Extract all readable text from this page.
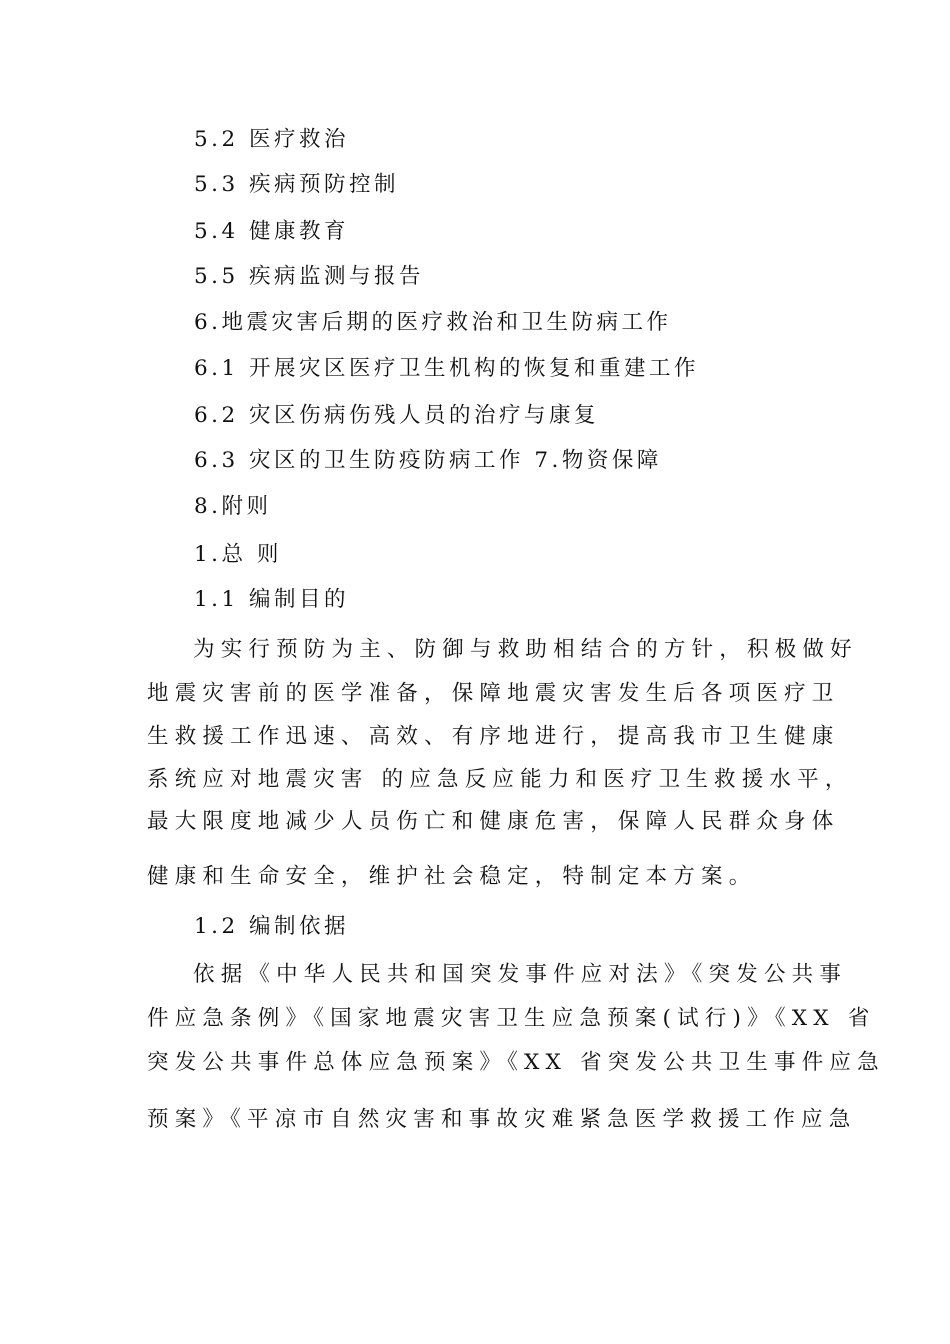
5.2 医疗救治
5.3 疾病预防控制
5.4 健康教育
5.5 疾病监测与报告
6.地震灾害后期的医疗救治和卫生防病工作
6.1 开展灾区医疗卫生机构的恢复和重建工作
6.2 灾区伤病伤残人员的治疗与康复
6.3 灾区的卫生防疫防病工作 7.物资保障
8.附则
1.总 则
1.1 编制目的
为实行预防为主、防御与救助相结合的方针，积极做好
地震灾害前的医学准备，保障地震灾害发生后各项医疗卫
生救援工作迅速、高效、有序地进行，提高我市卫生健康
系统应对地震灾害 的应急反应能力和医疗卫生救援水平，
最大限度地减少人员伤亡和健康危害，保障人民群众身体
健康和生命安全，维护社会稳定，特制定本方案。
1.2 编制依据
依据《中华人民共和国突发事件应对法》《突发公共事
件应急条例》《国家地震灾害卫生应急预案(试行)》《XX 省
突发公共事件总体应急预案》《XX 省突发公共卫生事件应急
预案》《平凉市自然灾害和事故灾难紧急医学救援工作应急
